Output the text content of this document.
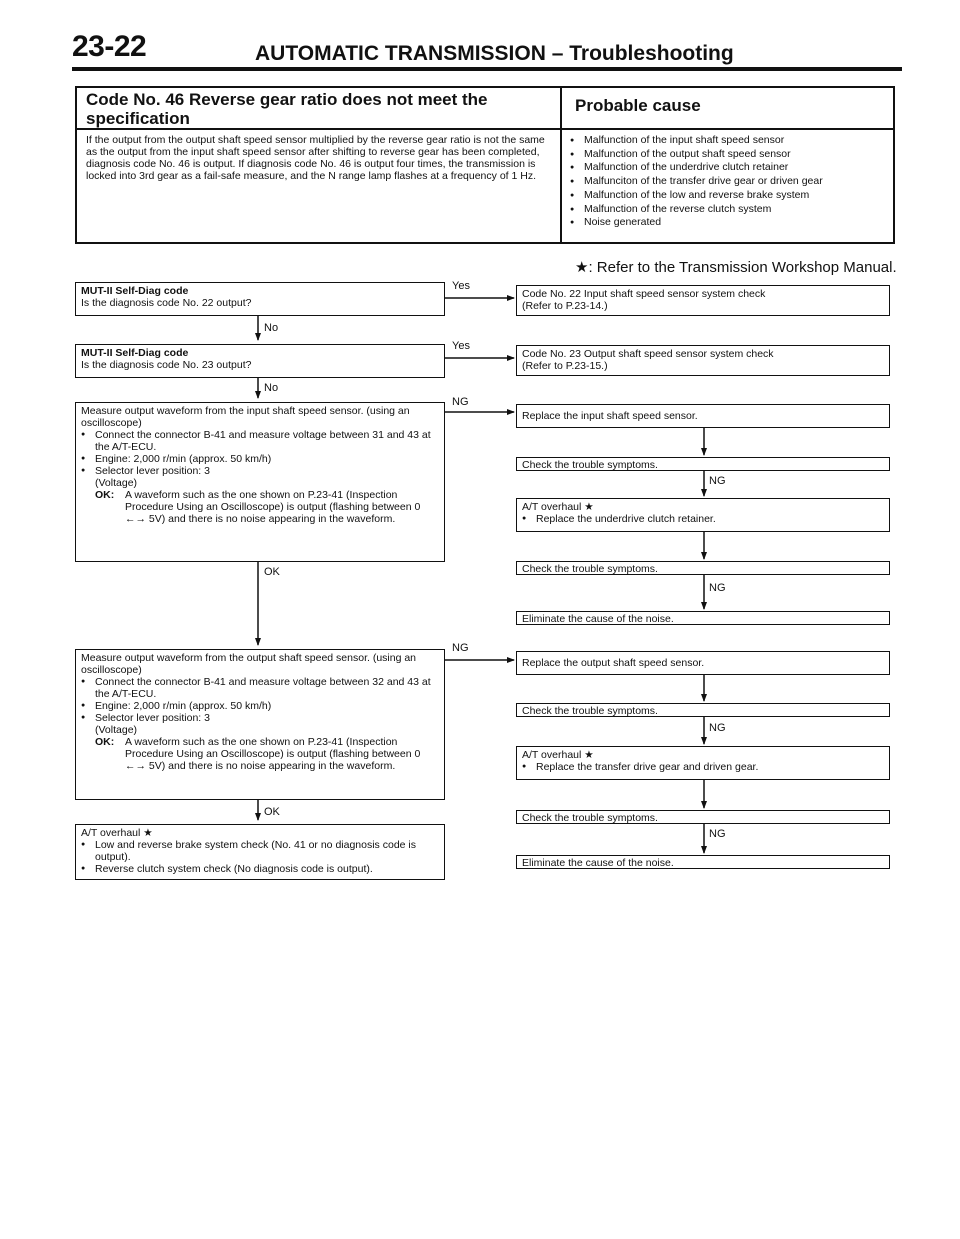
23-22	AUTOMATIC TRANSMISSION – Troubleshooting
Code No. 46 Reverse gear ratio does not meet the specification
Probable cause
If the output from the output shaft speed sensor multiplied by the reverse gear ratio is not the same as the output from the input shaft speed sensor after shifting to reverse gear has been completed, diagnosis code No. 46 is output. If diagnosis code No. 46 is output four times, the transmission is locked into 3rd gear as a fail-safe measure, and the N range lamp flashes at a frequency of 1 Hz.
● Malfunction of the input shaft speed sensor
● Malfunction of the output shaft speed sensor
● Malfunction of the underdrive clutch retainer
● Malfunciton of the transfer drive gear or driven gear
● Malfunction of the low and reverse brake system
● Malfunction of the reverse clutch system
● Noise generated
★: Refer to the Transmission Workshop Manual.
Yes
No
Yes
No
NG
OK
NG
OK
NG
NG
NG
NG
MUT-II Self-Diag code
Is the diagnosis code No. 22 output?
MUT-II Self-Diag code
Is the diagnosis code No. 23 output?
Measure output waveform from the input shaft speed sensor. (using an oscilloscope)
● Connect the connector B-41 and measure voltage between 31 and 43 at the A/T-ECU.
● Engine: 2,000 r/min (approx. 50 km/h)
● Selector lever position: 3
(Voltage)
OK:	A waveform such as the one shown on P.23-41 (Inspection Procedure Using an Oscilloscope) is output (flashing between 0 ←→ 5V) and there is no noise appearing in the waveform.
Measure output waveform from the output shaft speed sensor. (using an oscilloscope)
● Connect the connector B-41 and measure voltage between 32 and 43 at the A/T-ECU.
● Engine: 2,000 r/min (approx. 50 km/h)
● Selector lever position: 3
(Voltage)
OK:	A waveform such as the one shown on P.23-41 (Inspection Procedure Using an Oscilloscope) is output (flashing between 0 ←→ 5V) and there is no noise appearing in the waveform.
A/T overhaul ★
● Low and reverse brake system check (No. 41 or no diagnosis code is output).
● Reverse clutch system check (No diagnosis code is output).
Code No. 22 Input shaft speed sensor system check
(Refer to P.23-14.)
Code No. 23 Output shaft speed sensor system check
(Refer to P.23-15.)
Replace the input shaft speed sensor.
Check the trouble symptoms.
A/T overhaul ★
● Replace the underdrive clutch retainer.
Check the trouble symptoms.
Eliminate the cause of the noise.
Replace the output shaft speed sensor.
Check the trouble symptoms.
A/T overhaul ★
● Replace the transfer drive gear and driven gear.
Check the trouble symptoms.
Eliminate the cause of the noise.
